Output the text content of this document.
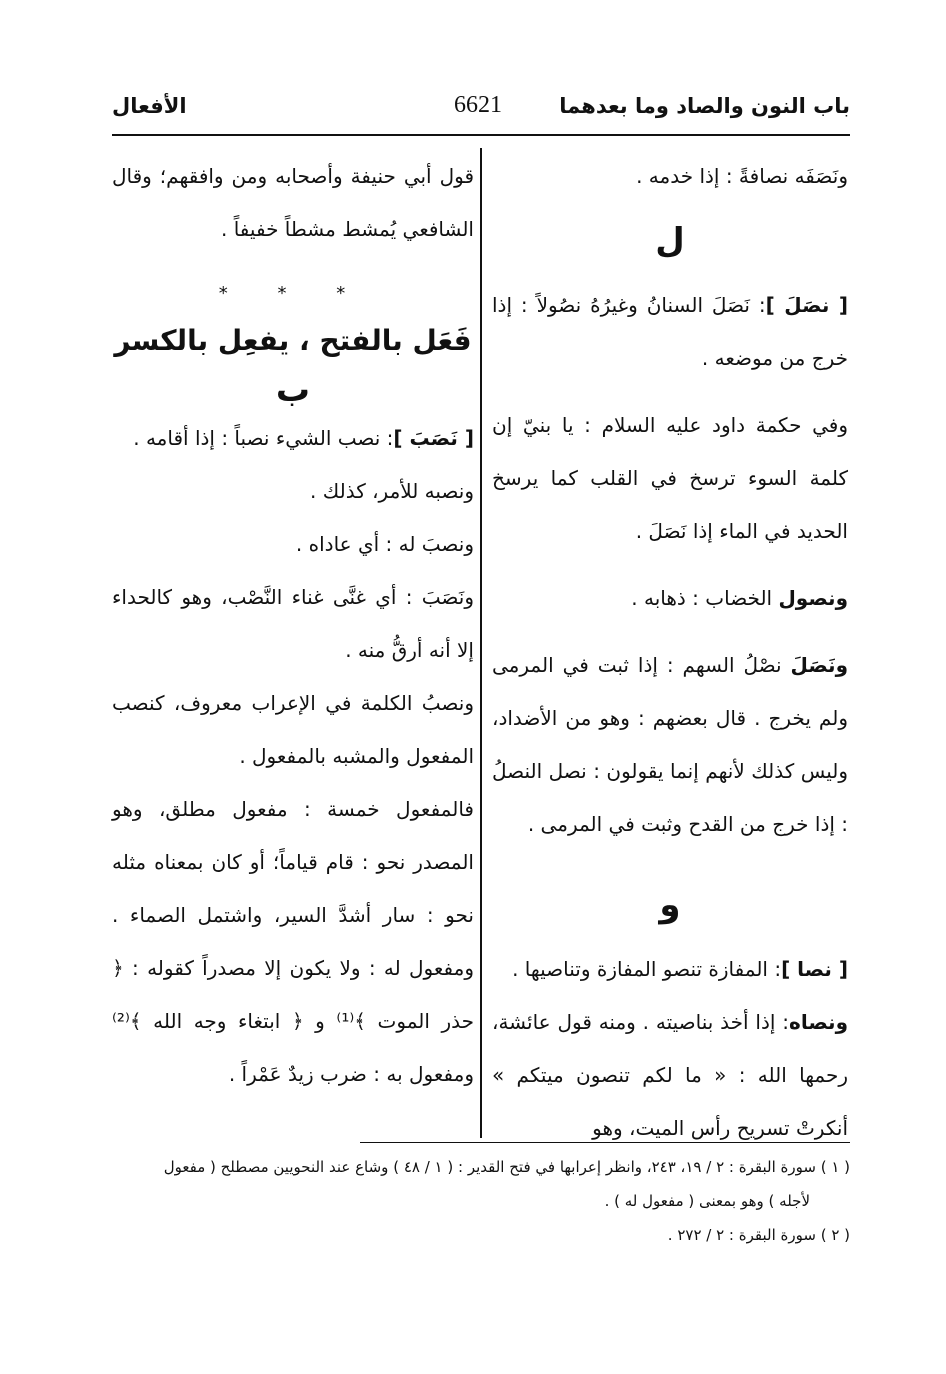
باب النون والصاد وما بعدهما
6621
الأفعال

ونَصَفَه نصافةً : إذا خدمه .

ل

[ نصَلَ ]: نَصَلَ السنانُ وغيرُهُ نصُولاً : إذا خرج من موضعه .

وفي حكمة داود عليه السلام : يا بنيّ إن كلمة السوء ترسخ في القلب كما يرسخ الحديد في الماء إذا نَصَلَ .

ونصول الخضاب : ذهابه .

ونَصَلَ نصْلُ السهم : إذا ثبت في المرمى ولم يخرج . قال بعضهم : وهو من الأضداد، وليس كذلك لأنهم إنما يقولون : نصل النصلُ : إذا خرج من القدح وثبت في المرمى .

و

[ نصا ]: المفازة تنصو المفازة وتناصيها .

ونصاه: إذا أخذ بناصيته . ومنه قول عائشة، رحمها الله : « ما لكم تنصون ميتكم » أنكرتْ تسريح رأس الميت، وهو

قول أبي حنيفة وأصحابه ومن وافقهم؛ وقال الشافعي يُمشط مشطاً خفيفاً .

* * *
فَعَل بالفتح ، يفعِل بالكسر
ب

[ نَصَبَ ]: نصب الشيء نصباً : إذا أقامه .

ونصبه للأمر، كذلك .

ونصبَ له : أي عاداه .

ونَصَبَ : أي غنَّى غناء النَّصْب، وهو كالحداء إلا أنه أرقُّ منه .

ونصبُ الكلمة في الإعراب معروف، كنصب المفعول والمشبه بالمفعول .

فالمفعول خمسة : مفعول مطلق، وهو المصدر نحو : قام قياماً؛ أو كان بمعناه مثله نحو : سار أشدَّ السير، واشتمل الصماء . ومفعول له : ولا يكون إلا مصدراً كقوله : ﴿ حذر الموت ﴾⁽¹⁾ و ﴿ ابتغاء وجه الله ﴾⁽²⁾ ومفعول به : ضرب زيدٌ عَمْراً .

( ١ ) سورة البقرة : ٢ / ١٩، ٢٤٣، وانظر إعرابها في فتح القدير : ( ١ / ٤٨ ) وشاع عند النحويين مصطلح ( مفعول

لأجله ) وهو بمعنى ( مفعول له ) .

( ٢ ) سورة البقرة : ٢ / ٢٧٢ .
